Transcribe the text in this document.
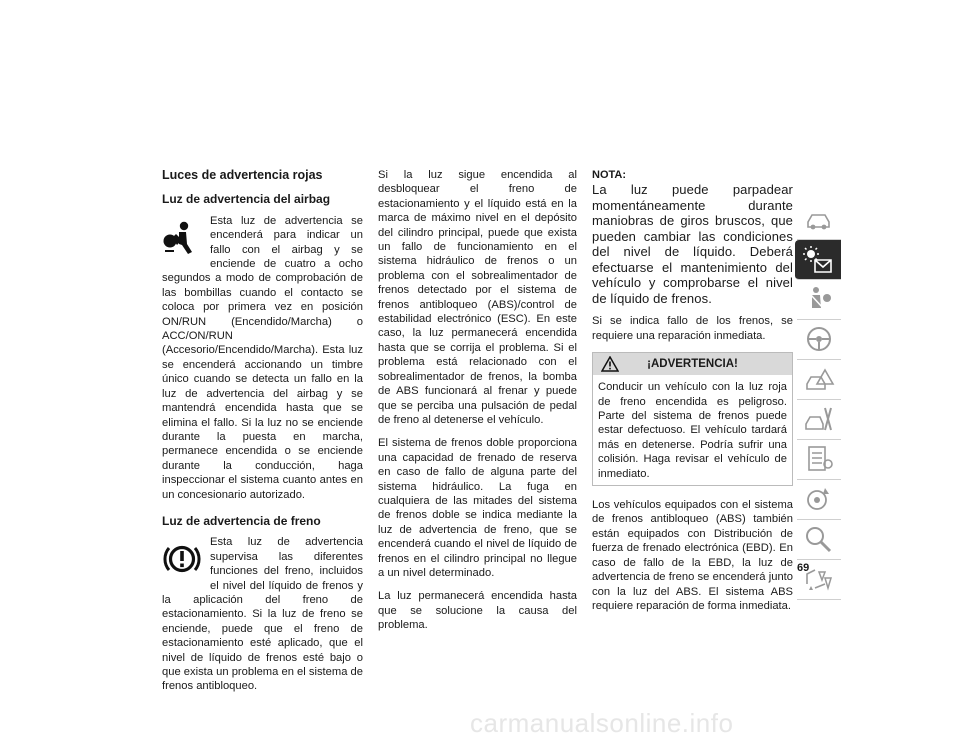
Luces de advertencia rojas
Luz de advertencia del airbag

Esta luz de advertencia se encenderá para indicar un fallo con el airbag y se enciende de cuatro a ocho segundos a modo de comprobación de las bombillas cuando el contacto se coloca por primera vez en posición ON/RUN (Encendido/Marcha) o ACC/ON/RUN (Accesorio/Encendido/Marcha). Esta luz se encenderá accionando un timbre único cuando se detecta un fallo en la luz de advertencia del airbag y se mantendrá encendida hasta que se elimina el fallo. Si la luz no se enciende durante la puesta en marcha, permanece encendida o se enciende durante la conducción, haga inspeccionar el sistema cuanto antes en un concesionario autorizado.

Luz de advertencia de freno

Esta luz de advertencia supervisa las diferentes funciones del freno, incluidos el nivel del líquido de frenos y la aplicación del freno de estacionamiento. Si la luz de freno se enciende, puede que el freno de estacionamiento esté aplicado, que el nivel de líquido de frenos esté bajo o que exista un problema en el sistema de frenos antibloqueo.

Si la luz sigue encendida al desbloquear el freno de estacionamiento y el líquido está en la marca de máximo nivel en el depósito del cilindro principal, puede que exista un fallo de funcionamiento en el sistema hidráulico de frenos o un problema con el sobrealimentador de frenos detectado por el sistema de frenos antibloqueo (ABS)/control de estabilidad electrónico (ESC). En este caso, la luz permanecerá encendida hasta que se corrija el problema. Si el problema está relacionado con el sobrealimentador de frenos, la bomba de ABS funcionará al frenar y puede que se perciba una pulsación de pedal de freno al detenerse el vehículo.

El sistema de frenos doble proporciona una capacidad de frenado de reserva en caso de fallo de alguna parte del sistema hidráulico. La fuga en cualquiera de las mitades del sistema de frenos doble se indica mediante la luz de advertencia de freno, que se encenderá cuando el nivel de líquido de frenos en el cilindro principal no llegue a un nivel determinado.

La luz permanecerá encendida hasta que se solucione la causa del problema.

NOTA:

La luz puede parpadear momentáneamente durante maniobras de giros bruscos, que pueden cambiar las condiciones del nivel de líquido. Deberá efectuarse el mantenimiento del vehículo y comprobarse el nivel de líquido de frenos.

Si se indica fallo de los frenos, se requiere una reparación inmediata.

¡ADVERTENCIA!

Conducir un vehículo con la luz roja de freno encendida es peligroso. Parte del sistema de frenos puede estar defectuoso. El vehículo tardará más en detenerse. Podría sufrir una colisión. Haga revisar el vehículo de inmediato.

Los vehículos equipados con el sistema de frenos antibloqueo (ABS) también están equipados con Distribución de fuerza de frenado electrónica (EBD). En caso de fallo de la EBD, la luz de advertencia de freno se encenderá junto con la luz del ABS. El sistema ABS requiere reparación de forma inmediata.

69
carmanualsonline.info
